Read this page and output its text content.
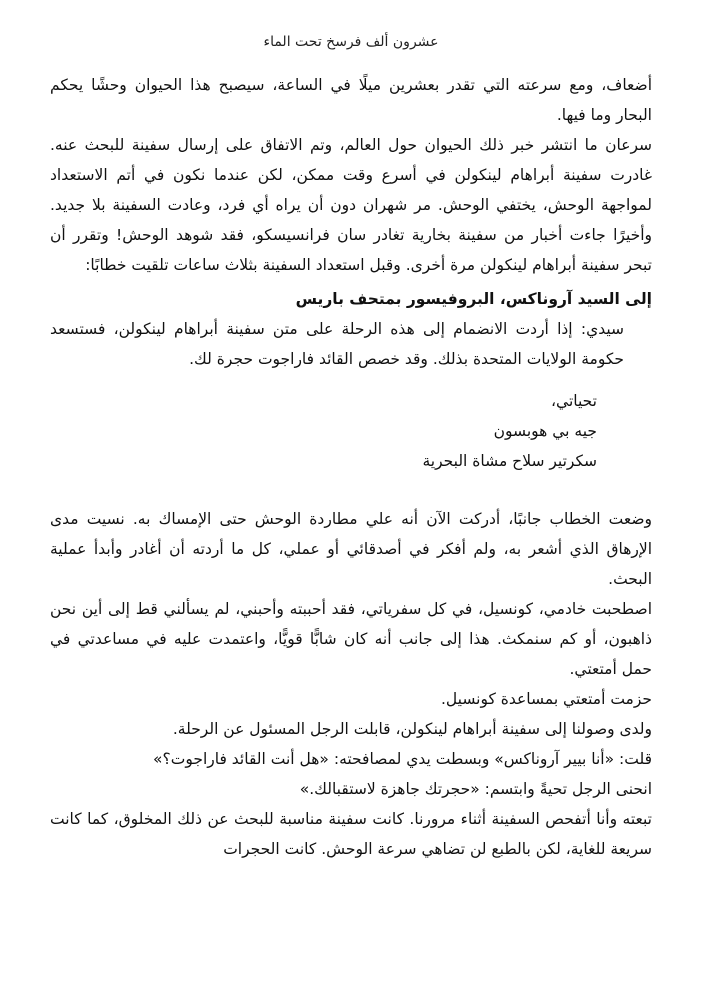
عشرون ألف فرسخ تحت الماء

أضعاف، ومع سرعته التي تقدر بعشرين ميلًا في الساعة، سيصبح هذا الحيوان وحشًا يحكم البحار وما فيها.

سرعان ما انتشر خبر ذلك الحيوان حول العالم، وتم الاتفاق على إرسال سفينة للبحث عنه. غادرت سفينة أبراهام لينكولن في أسرع وقت ممكن، لكن عندما نكون في أتم الاستعداد لمواجهة الوحش، يختفي الوحش. مر شهران دون أن يراه أي فرد، وعادت السفينة بلا جديد. وأخيرًا جاءت أخبار من سفينة بخارية تغادر سان فرانسيسكو، فقد شوهد الوحش! وتقرر أن تبحر سفينة أبراهام لينكولن مرة أخرى. وقبل استعداد السفينة بثلاث ساعات تلقيت خطابًا:

إلى السيد آروناكس، البروفيسور بمتحف باريس

سيدي: إذا أردت الانضمام إلى هذه الرحلة على متن سفينة أبراهام لينكولن، فستسعد حكومة الولايات المتحدة بذلك. وقد خصص القائد فاراجوت حجرة لك.

تحياتي،

جيه بي هوبسون

سكرتير سلاح مشاة البحرية

وضعت الخطاب جانبًا، أدركت الآن أنه علي مطاردة الوحش حتى الإمساك به. نسيت مدى الإرهاق الذي أشعر به، ولم أفكر في أصدقائي أو عملي، كل ما أردته أن أغادر وأبدأ عملية البحث.

اصطحبت خادمي، كونسيل، في كل سفرياتي، فقد أحببته وأحبني، لم يسألني قط إلى أين نحن ذاهبون، أو كم سنمكث. هذا إلى جانب أنه كان شابًّا قويًّا، واعتمدت عليه في مساعدتي في حمل أمتعتي.

حزمت أمتعتي بمساعدة كونسيل.

ولدى وصولنا إلى سفينة أبراهام لينكولن، قابلت الرجل المسئول عن الرحلة.

قلت: «أنا بيير آروناكس» وبسطت يدي لمصافحته: «هل أنت القائد فاراجوت؟»

انحنى الرجل تحيةً وابتسم: «حجرتك جاهزة لاستقبالك.»

تبعته وأنا أتفحص السفينة أثناء مرورنا. كانت سفينة مناسبة للبحث عن ذلك المخلوق، كما كانت سريعة للغاية، لكن بالطبع لن تضاهي سرعة الوحش. كانت الحجرات
